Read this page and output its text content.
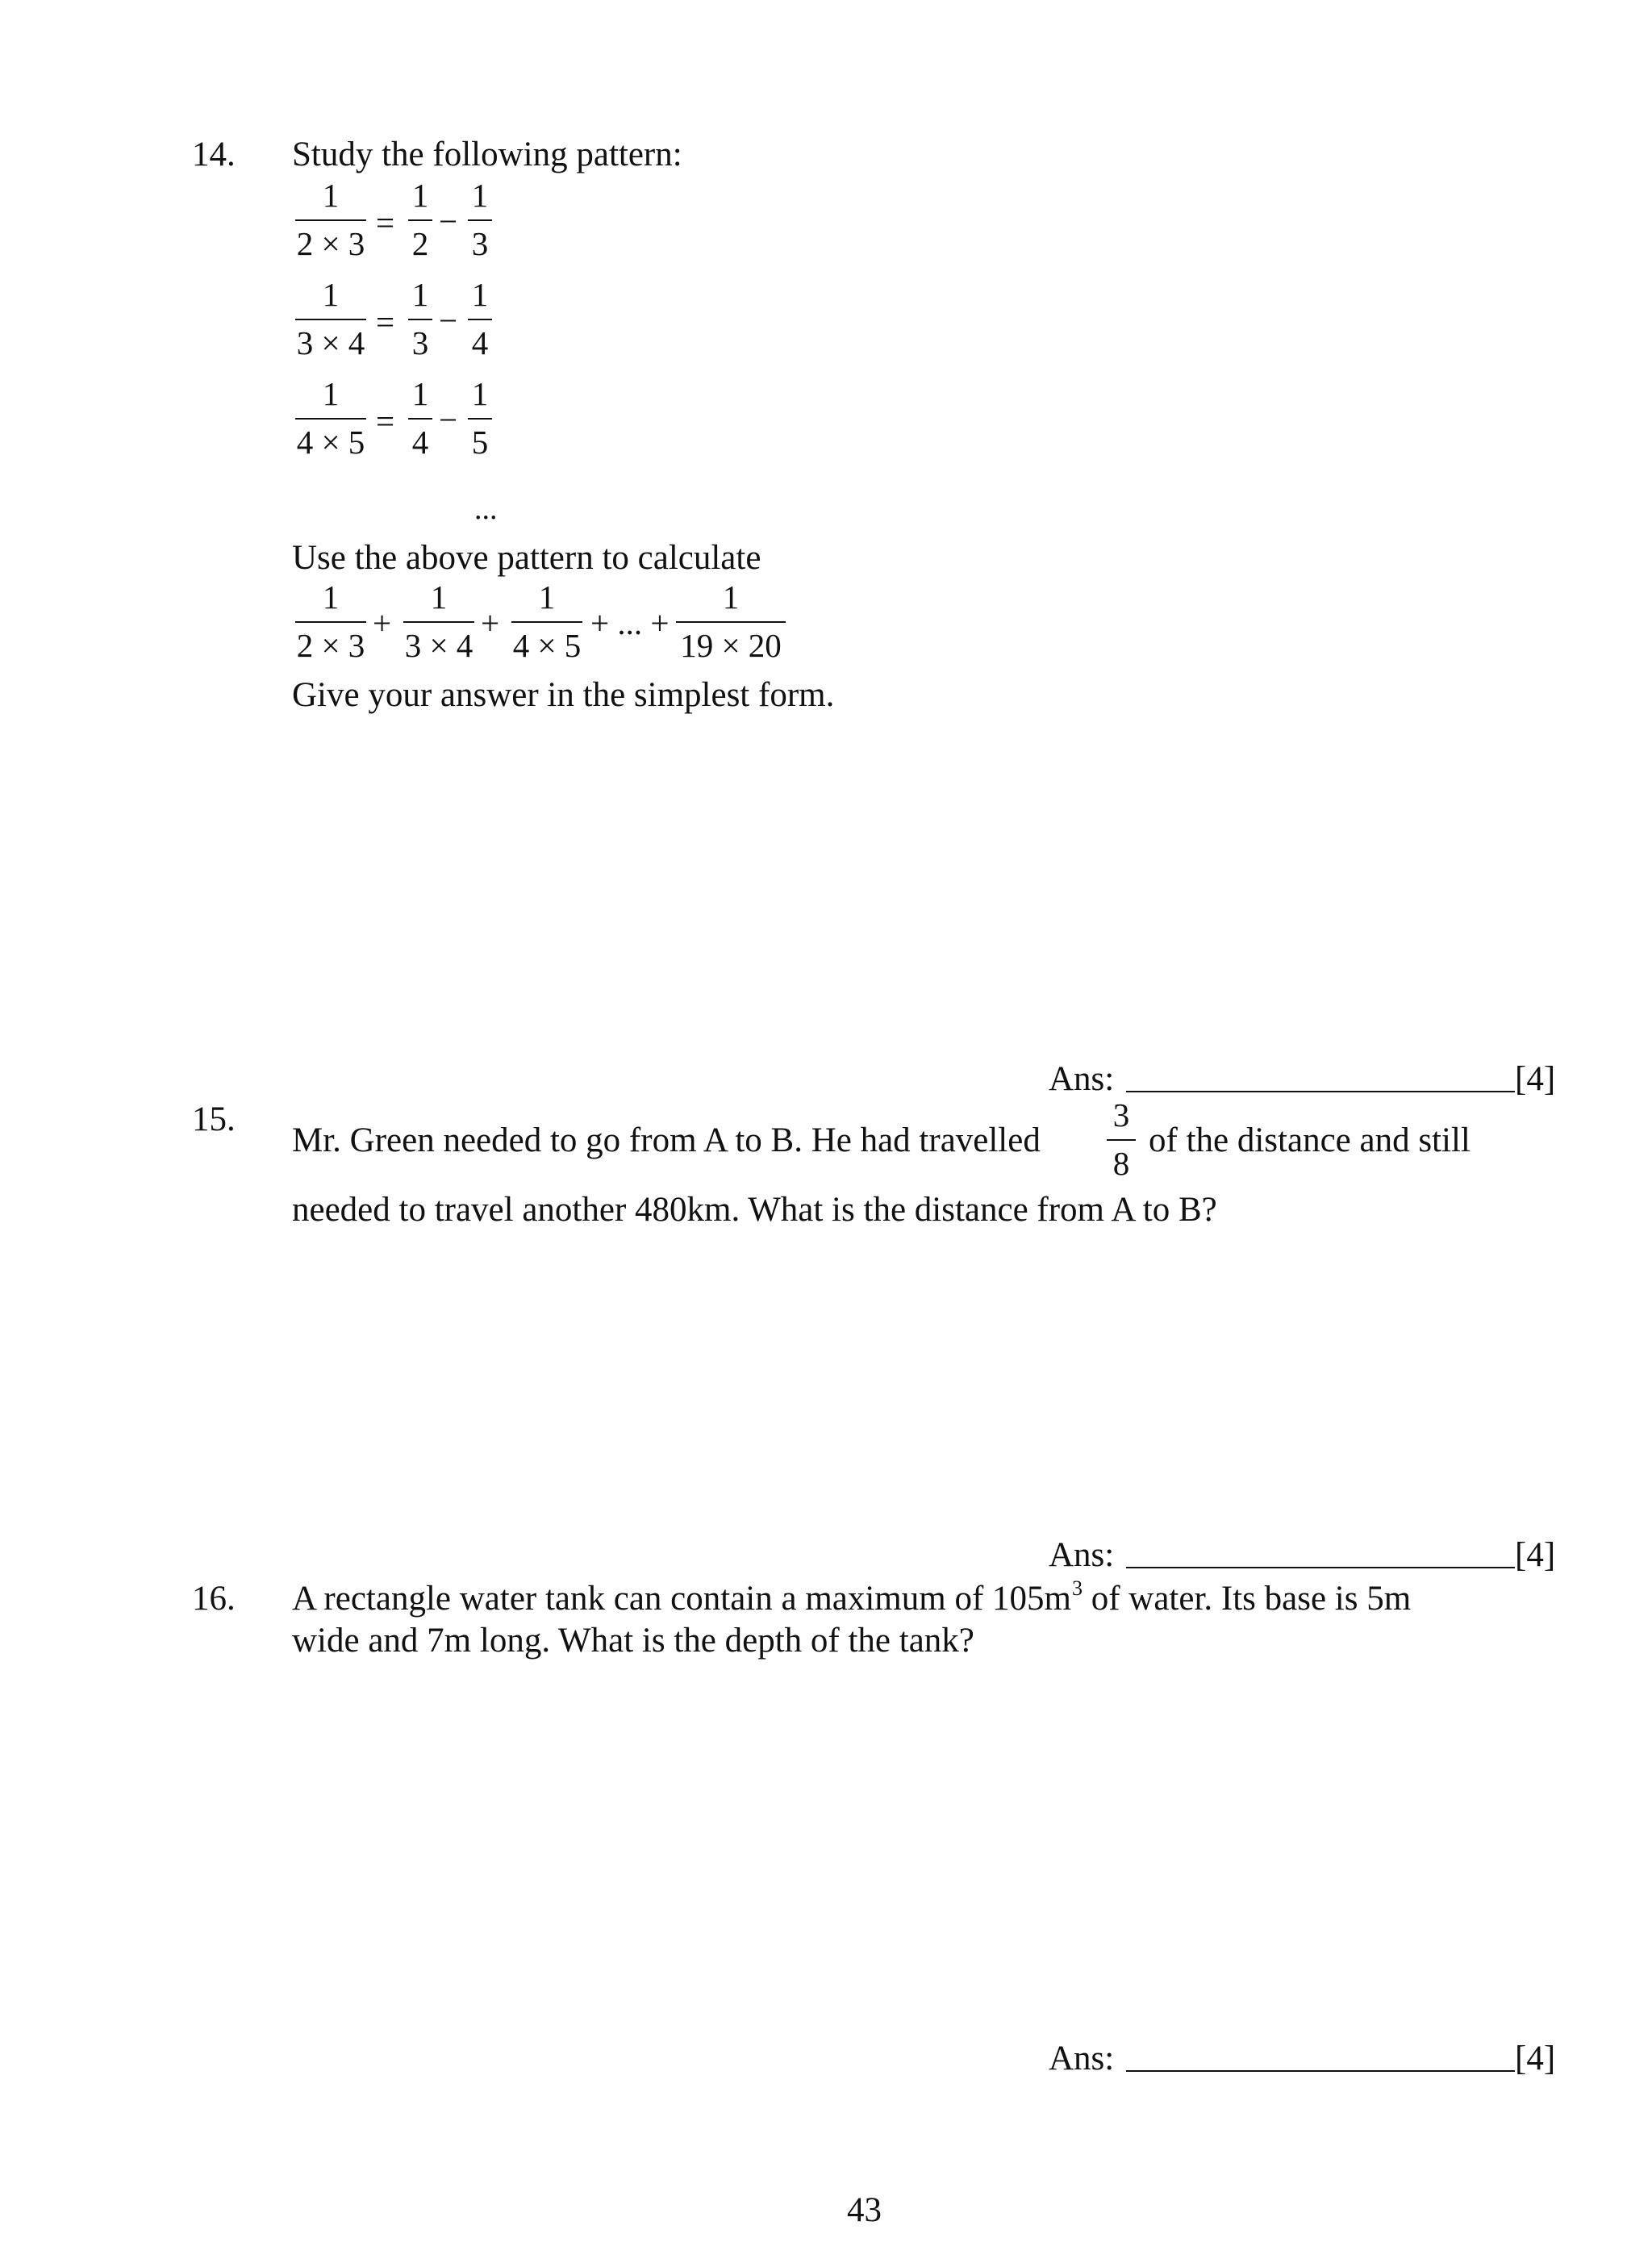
14. Study the following pattern:
1
2 × 3
=
1
2
−
1
3
1
3 × 4
=
1
3
−
1
4
1
4 × 5
=
1
4
−
1
5
...
Use the above pattern to calculate
1
2 × 3
+
1
3 × 4
+
1
4 × 5
+ ... +
1
19 × 20
Give your answer in the simplest form.
Ans:	[4]
15.
Mr. Green needed to go from A to B. He had travelled
3
8
of the distance and still
needed to travel another 480km. What is the distance from A to B?
Ans:	[4]
16. A rectangle water tank can contain a maximum of $105m^3$ of water. Its base is 5m
wide and 7m long. What is the depth of the tank?
Ans:	[4]
43
